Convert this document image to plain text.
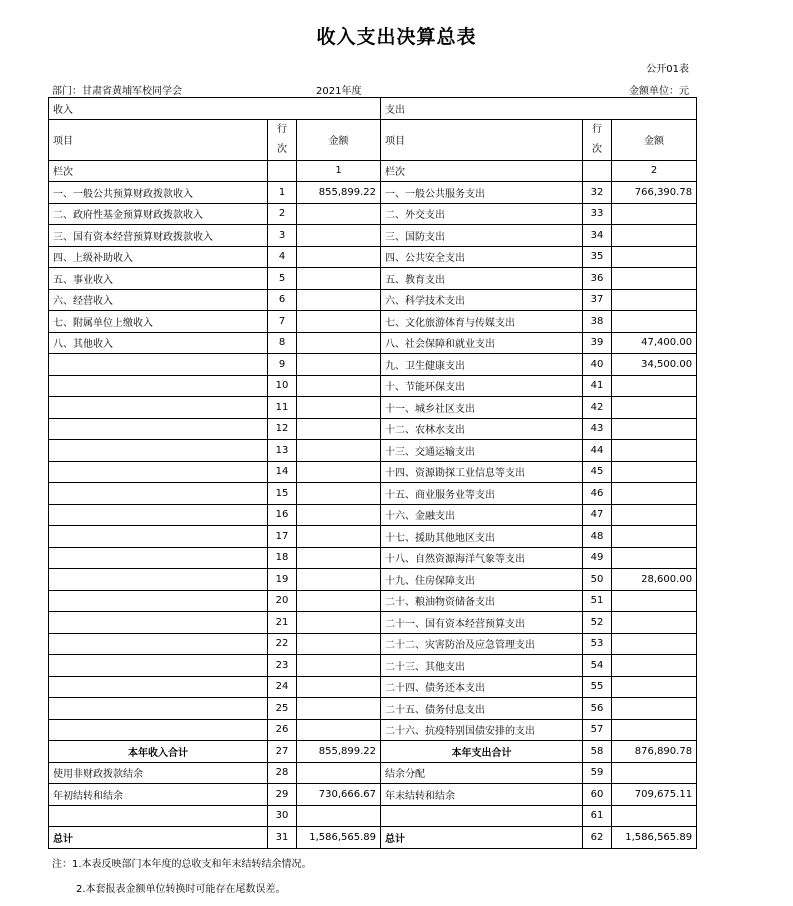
收入支出决算总表
公开01表
部门：甘肃省黄埔军校同学会	2021年度	金额单位：元
收入			支出		
项目	行次	金额	项目	行次	金额
栏次		1	栏次		2
一、一般公共预算财政拨款收入	1	855,899.22	一、一般公共服务支出	32	766,390.78
二、政府性基金预算财政拨款收入	2		二、外交支出	33	
三、国有资本经营预算财政拨款收入	3		三、国防支出	34	
四、上级补助收入	4		四、公共安全支出	35	
五、事业收入	5		五、教育支出	36	
六、经营收入	6		六、科学技术支出	37	
七、附属单位上缴收入	7		七、文化旅游体育与传媒支出	38	
八、其他收入	8		八、社会保障和就业支出	39	47,400.00
	9		九、卫生健康支出	40	34,500.00
	10		十、节能环保支出	41	
	11		十一、城乡社区支出	42	
	12		十二、农林水支出	43	
	13		十三、交通运输支出	44	
	14		十四、资源勘探工业信息等支出	45	
	15		十五、商业服务业等支出	46	
	16		十六、金融支出	47	
	17		十七、援助其他地区支出	48	
	18		十八、自然资源海洋气象等支出	49	
	19		十九、住房保障支出	50	28,600.00
	20		二十、粮油物资储备支出	51	
	21		二十一、国有资本经营预算支出	52	
	22		二十二、灾害防治及应急管理支出	53	
	23		二十三、其他支出	54	
	24		二十四、债务还本支出	55	
	25		二十五、债务付息支出	56	
	26		二十六、抗疫特别国债安排的支出	57	
本年收入合计	27	855,899.22	本年支出合计	58	876,890.78
使用非财政拨款结余	28		结余分配	59	
年初结转和结余	29	730,666.67	年末结转和结余	60	709,675.11
	30			61	
总计	31	1,586,565.89	总计	62	1,586,565.89
注：1.本表反映部门本年度的总收支和年末结转结余情况。
2.本套报表金额单位转换时可能存在尾数误差。
